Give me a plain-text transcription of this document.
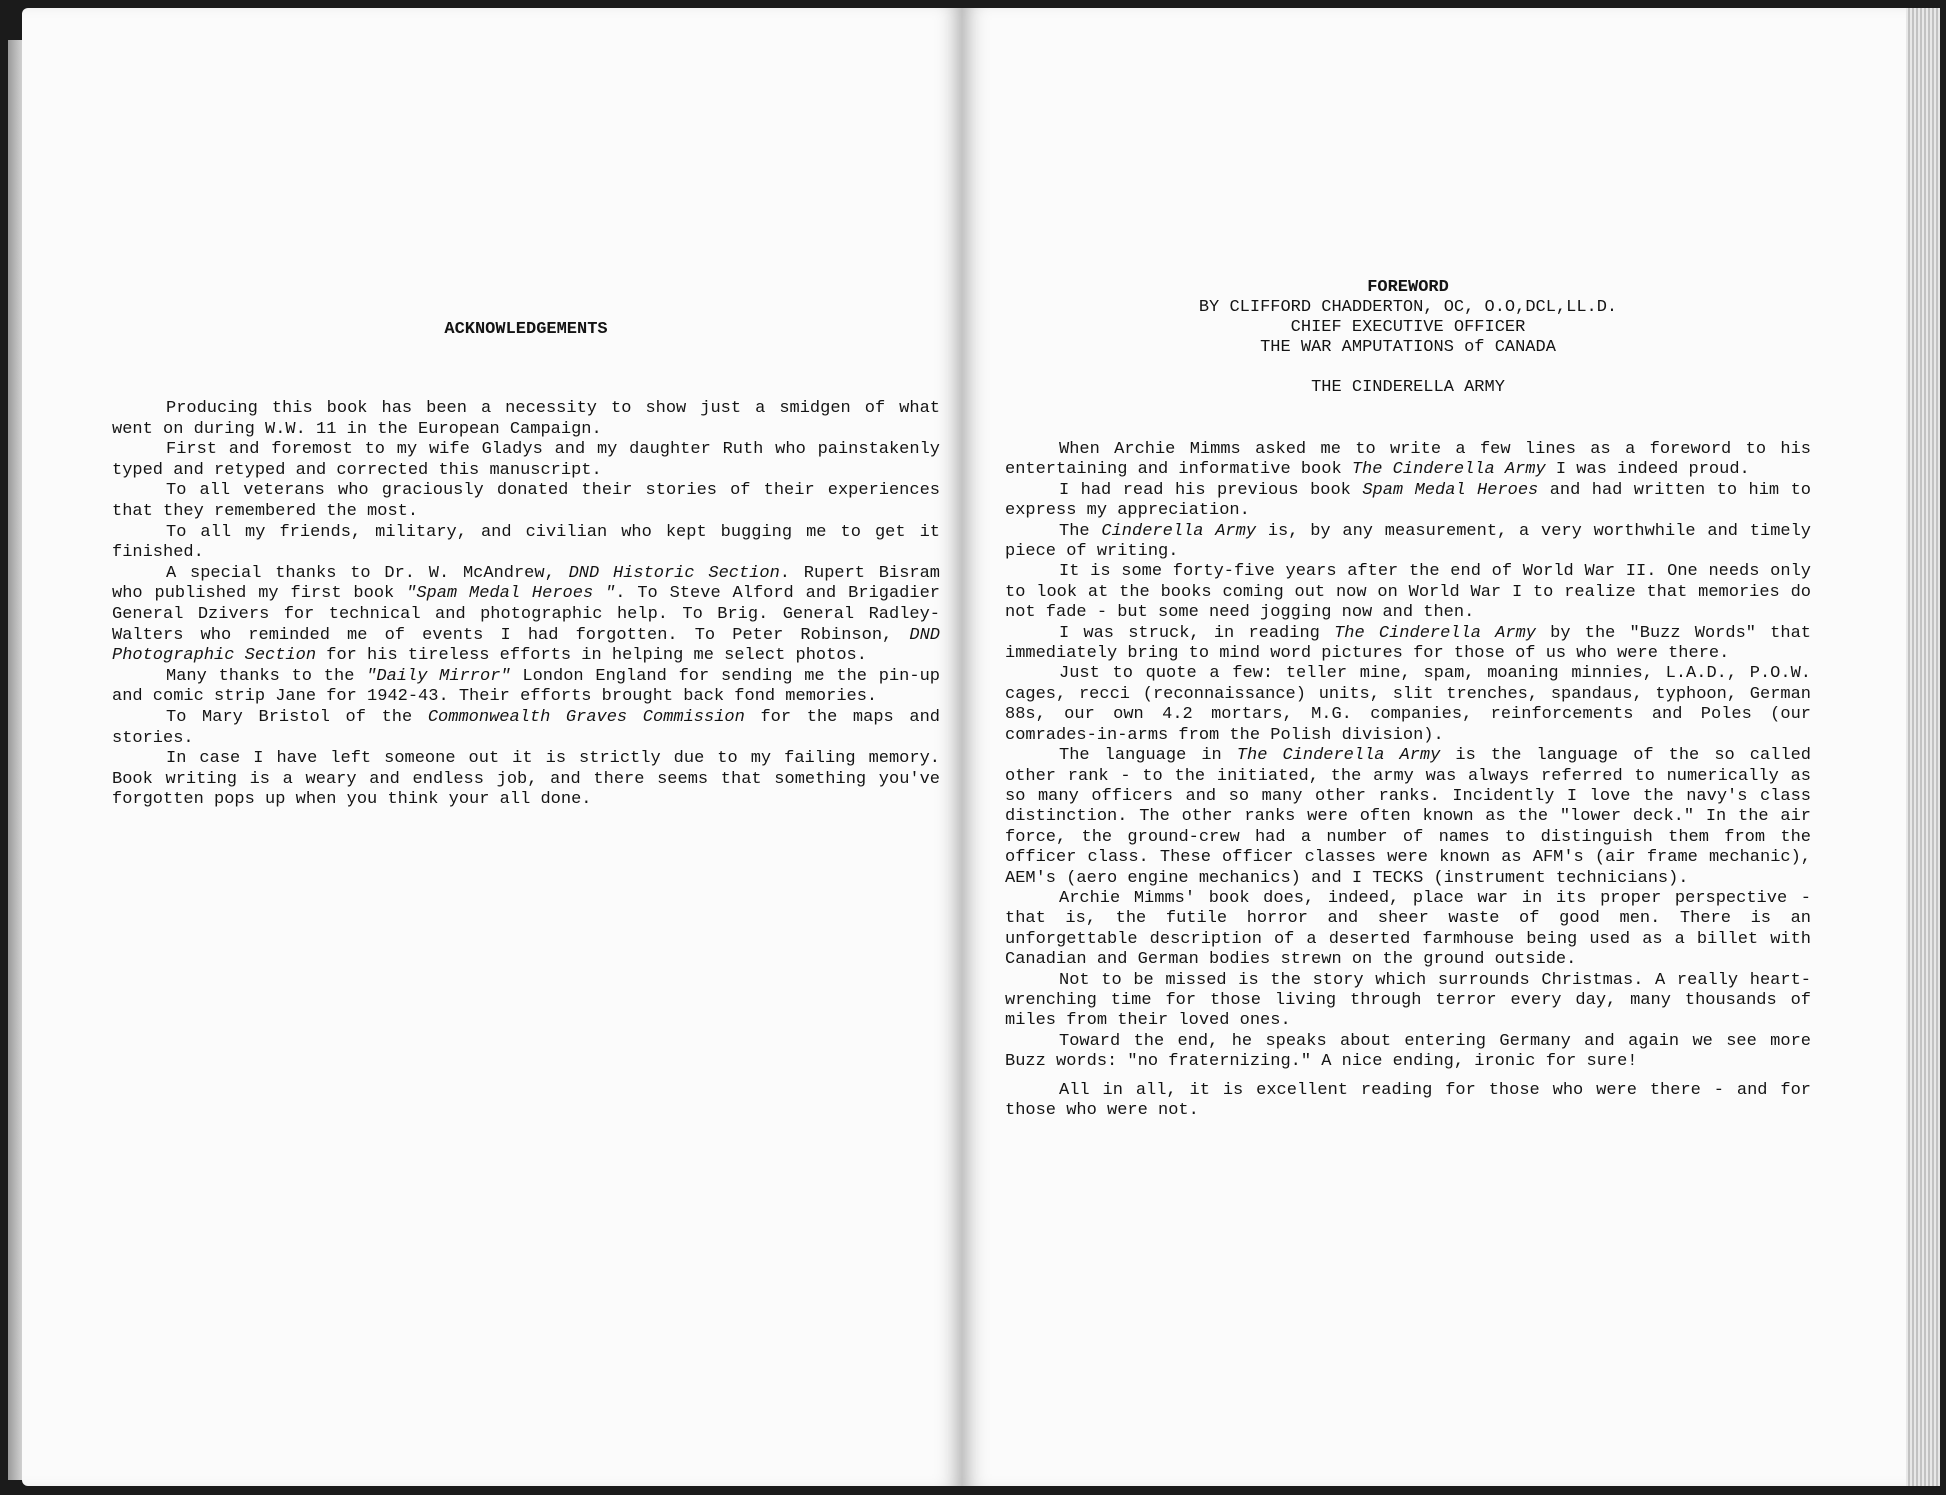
ACKNOWLEDGEMENTS

Producing this book has been a necessity to show just a smidgen of what went on during W.W. 11 in the European Campaign.

First and foremost to my wife Gladys and my daughter Ruth who painstakenly typed and retyped and corrected this manuscript.

To all veterans who graciously donated their stories of their experiences that they remembered the most.

To all my friends, military, and civilian who kept bugging me to get it finished.

A special thanks to Dr. W. McAndrew, DND Historic Section. Rupert Bisram who published my first book "Spam Medal Heroes ". To Steve Alford and Brigadier General Dzivers for technical and photographic help. To Brig. General Radley-Walters who reminded me of events I had forgotten. To Peter Robinson, DND Photographic Section for his tireless efforts in helping me select photos.

Many thanks to the "Daily Mirror" London England for sending me the pin-up and comic strip Jane for 1942-43. Their efforts brought back fond memories.

To Mary Bristol of the Commonwealth Graves Commission for the maps and stories.

In case I have left someone out it is strictly due to my failing memory. Book writing is a weary and endless job, and there seems that something you've forgotten pops up when you think your all done.

FOREWORD

BY CLIFFORD CHADDERTON, OC, O.O,DCL,LL.D.

CHIEF EXECUTIVE OFFICER

THE WAR AMPUTATIONS of CANADA

THE CINDERELLA ARMY

When Archie Mimms asked me to write a few lines as a foreword to his entertaining and informative book The Cinderella Army I was indeed proud.

I had read his previous book Spam Medal Heroes and had written to him to express my appreciation.

The Cinderella Army is, by any measurement, a very worthwhile and timely piece of writing.

It is some forty-five years after the end of World War II. One needs only to look at the books coming out now on World War I to realize that memories do not fade - but some need jogging now and then.

I was struck, in reading The Cinderella Army by the "Buzz Words" that immediately bring to mind word pictures for those of us who were there.

Just to quote a few: teller mine, spam, moaning minnies, L.A.D., P.O.W. cages, recci (reconnaissance) units, slit trenches, spandaus, typhoon, German 88s, our own 4.2 mortars, M.G. companies, reinforcements and Poles (our comrades-in-arms from the Polish division).

The language in The Cinderella Army is the language of the so called other rank - to the initiated, the army was always referred to numerically as so many officers and so many other ranks. Incidently I love the navy's class distinction. The other ranks were often known as the "lower deck." In the air force, the ground-crew had a number of names to distinguish them from the officer class. These officer classes were known as AFM's (air frame mechanic), AEM's (aero engine mechanics) and I TECKS (instrument technicians).

Archie Mimms' book does, indeed, place war in its proper perspective - that is, the futile horror and sheer waste of good men. There is an unforgettable description of a deserted farmhouse being used as a billet with Canadian and German bodies strewn on the ground outside.

Not to be missed is the story which surrounds Christmas. A really heart-wrenching time for those living through terror every day, many thousands of miles from their loved ones.

Toward the end, he speaks about entering Germany and again we see more Buzz words: "no fraternizing." A nice ending, ironic for sure!

All in all, it is excellent reading for those who were there - and for those who were not.
